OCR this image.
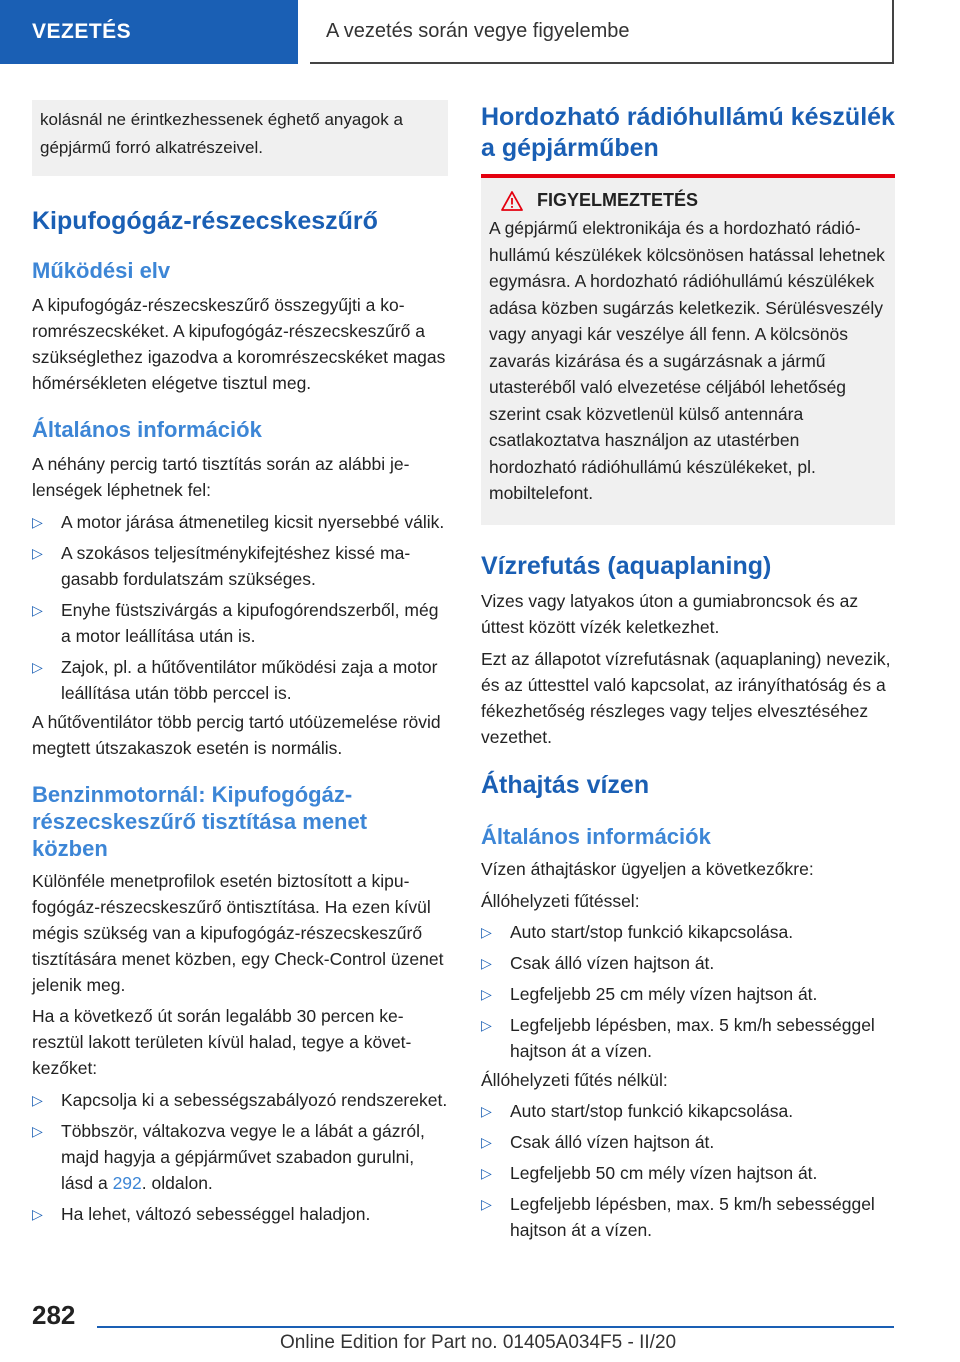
VEZETÉS	A vezetés során vegye figyelembe

kolásnál ne érintkezhessenek éghető anyagok a gépjármű forró alkatrészeivel.

Kipufogógáz-részecskeszűrő
Működési elv

A kipufogógáz-részecskeszűrő összegyűjti a koromrészecskéket. A kipufogógáz-részecskeszűrő a szükséglethez igazodva a koromrészecskéket magas hőmérsékleten elégetve tisztul meg.

Általános információk

A néhány percig tartó tisztítás során az alábbi jelenségek léphetnek fel:

▷ A motor járása átmenetileg kicsit nyersebbé válik.
▷ A szokásos teljesítménykifejtéshez kissé magasabb fordulatszám szükséges.
▷ Enyhe füstszivárgás a kipufogórendszerből, még a motor leállítása után is.
▷ Zajok, pl. a hűtőventilátor működési zaja a motor leállítása után több perccel is.

A hűtőventilátor több percig tartó utóüzemelése rövid megtett útszakaszok esetén is normális.

Benzinmotornál: Kipufogógáz-részecskeszűrő tisztítása menet közben

Különféle menetprofilok esetén biztosított a kipufogógáz-részecskeszűrő öntisztítása. Ha ezen kívül mégis szükség van a kipufogógáz-részecskeszűrő tisztítására menet közben, egy Check-Control üzenet jelenik meg.

Ha a következő út során legalább 30 percen keresztül lakott területen kívül halad, tegye a következőket:

▷ Kapcsolja ki a sebességszabályozó rendszereket.
▷ Többször, váltakozva vegye le a lábát a gázról, majd hagyja a gépjárművet szabadon gurulni, lásd a 292. oldalon.
▷ Ha lehet, változó sebességgel haladjon.
Hordozható rádióhullámú készülék a gépjárműben
FIGYELMEZTETÉS

A gépjármű elektronikája és a hordozható rádióhullámú készülékek kölcsönösen hatással lehetnek egymásra. A hordozható rádióhullámú készülékek adása közben sugárzás keletkezik. Sérülésveszély vagy anyagi kár veszélye áll fenn. A kölcsönös zavarás kizárása és a sugárzásnak a jármű utasteréből való elvezetése céljából lehetőség szerint csak közvetlenül külső antennára csatlakoztatva használjon az utastérben hordozható rádióhullámú készülékeket, pl. mobiltelefont.

Vízrefutás (aquaplaning)

Vizes vagy latyakos úton a gumiabroncsok és az úttest között vízék keletkezhet.

Ezt az állapotot vízrefutásnak (aquaplaning) nevezik, és az úttesttel való kapcsolat, az irányíthatóság és a fékezhetőség részleges vagy teljes elvesztéséhez vezethet.

Áthajtás vízen
Általános információk

Vízen áthajtáskor ügyeljen a következőkre:

Állóhelyzeti fűtéssel:

▷ Auto start/stop funkció kikapcsolása.
▷ Csak álló vízen hajtson át.
▷ Legfeljebb 25 cm mély vízen hajtson át.
▷ Legfeljebb lépésben, max. 5 km/h sebességgel hajtson át a vízen.

Állóhelyzeti fűtés nélkül:

▷ Auto start/stop funkció kikapcsolása.
▷ Csak álló vízen hajtson át.
▷ Legfeljebb 50 cm mély vízen hajtson át.
▷ Legfeljebb lépésben, max. 5 km/h sebességgel hajtson át a vízen.
282
Online Edition for Part no. 01405A034F5 - II/20
